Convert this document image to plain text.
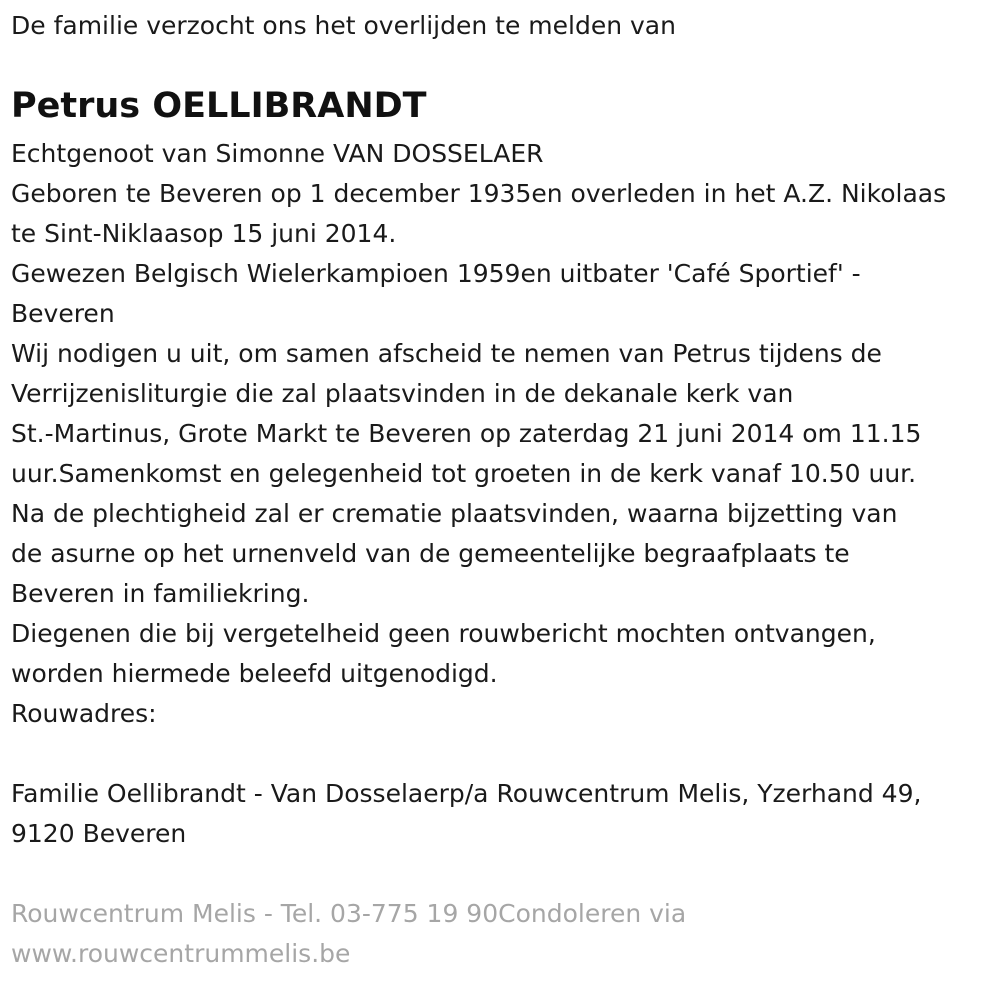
De familie verzocht ons het overlijden te melden van
Petrus OELLIBRANDT
Echtgenoot van Simonne VAN DOSSELAER
Geboren te Beveren op 1 december 1935en overleden in het A.Z. Nikolaas
te Sint-Niklaasop 15 juni 2014.
Gewezen Belgisch Wielerkampioen 1959en uitbater 'Café Sportief' -
Beveren
Wij nodigen u uit, om samen afscheid te nemen van Petrus tijdens de
Verrijzenisliturgie die zal plaatsvinden in de dekanale kerk van
St.-Martinus, Grote Markt te Beveren op zaterdag 21 juni 2014 om 11.15
uur.Samenkomst en gelegenheid tot groeten in de kerk vanaf 10.50 uur.
Na de plechtigheid zal er crematie plaatsvinden, waarna bijzetting van
de asurne op het urnenveld van de gemeentelijke begraafplaats te
Beveren in familiekring.
Diegenen die bij vergetelheid geen rouwbericht mochten ontvangen,
worden hiermede beleefd uitgenodigd.
Rouwadres:
Familie Oellibrandt - Van Dosselaerp/a Rouwcentrum Melis, Yzerhand 49,
9120 Beveren
Rouwcentrum Melis - Tel. 03-775 19 90Condoleren via
www.rouwcentrummelis.be
